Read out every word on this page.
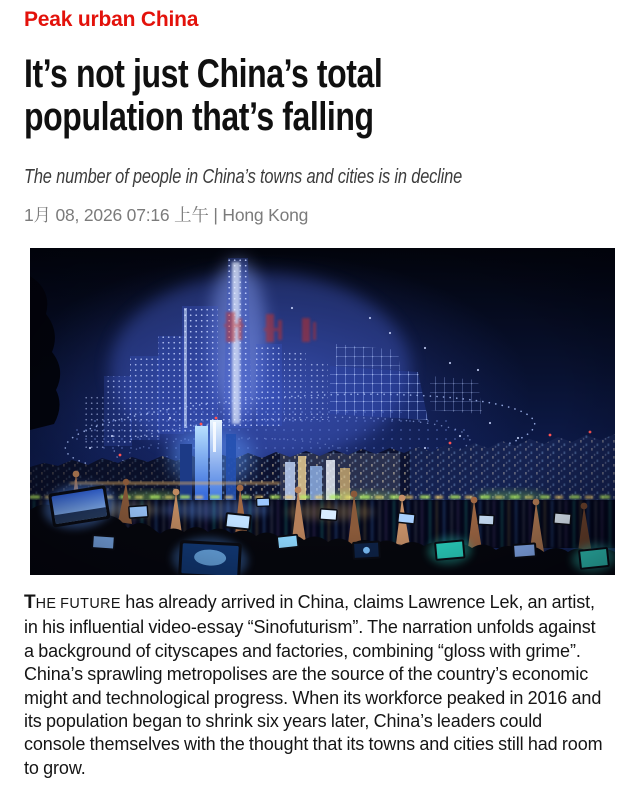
Peak urban China
It’s not just China’s total
population that’s falling

The number of people in China’s towns and cities is in decline

1月 08, 2026 07:16 上午 | Hong Kong

THE FUTURE has already arrived in China, claims Lawrence Lek, an artist, in his influential video-essay “Sinofuturism”. The narration unfolds against a background of cityscapes and factories, combining “gloss with grime”. China’s sprawling metropolises are the source of the country’s economic might and technological progress. When its workforce peaked in 2016 and its population began to shrink six years later, China’s leaders could console themselves with the thought that its towns and cities still had room to grow.
